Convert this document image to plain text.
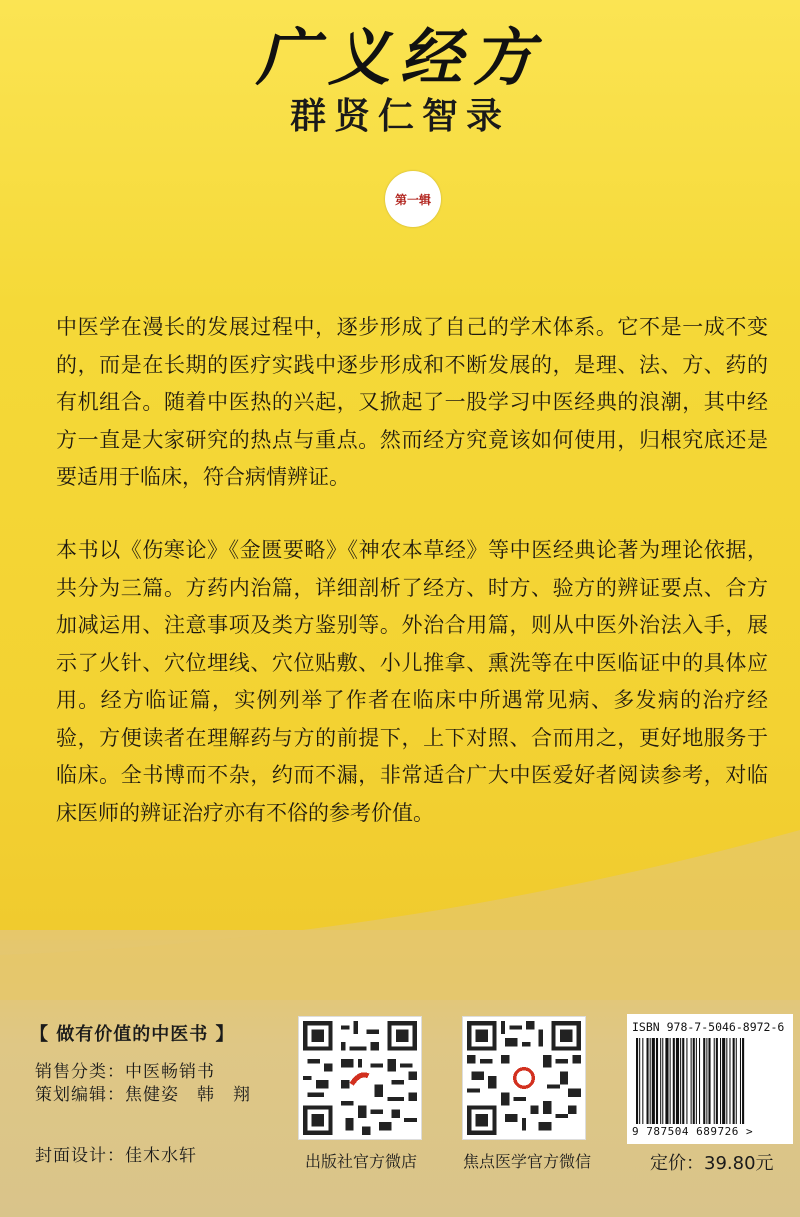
广义经方
群贤仁智录
第一辑
中医学在漫长的发展过程中，逐步形成了自己的学术体系。它不是一成不变的，而是在长期的医疗实践中逐步形成和不断发展的，是理、法、方、药的有机组合。随着中医热的兴起，又掀起了一股学习中医经典的浪潮，其中经方一直是大家研究的热点与重点。然而经方究竟该如何使用，归根究底还是要适用于临床，符合病情辨证。
本书以《伤寒论》《金匮要略》《神农本草经》等中医经典论著为理论依据，共分为三篇。方药内治篇，详细剖析了经方、时方、验方的辨证要点、合方加减运用、注意事项及类方鉴别等。外治合用篇，则从中医外治法入手，展示了火针、穴位埋线、穴位贴敷、小儿推拿、熏洗等在中医临证中的具体应用。经方临证篇，实例列举了作者在临床中所遇常见病、多发病的治疗经验，方便读者在理解药与方的前提下，上下对照、合而用之，更好地服务于临床。全书博而不杂，约而不漏，非常适合广大中医爱好者阅读参考，对临床医师的辨证治疗亦有不俗的参考价值。
【 做有价值的中医书 】
销售分类：中医畅销书
策划编辑：焦健姿　韩　翔
封面设计：佳木水轩	出版社官方微店	焦点医学官方微信
ISBN 978-7-5046-8972-6
9 787504 689726 >
定价：39.80元
